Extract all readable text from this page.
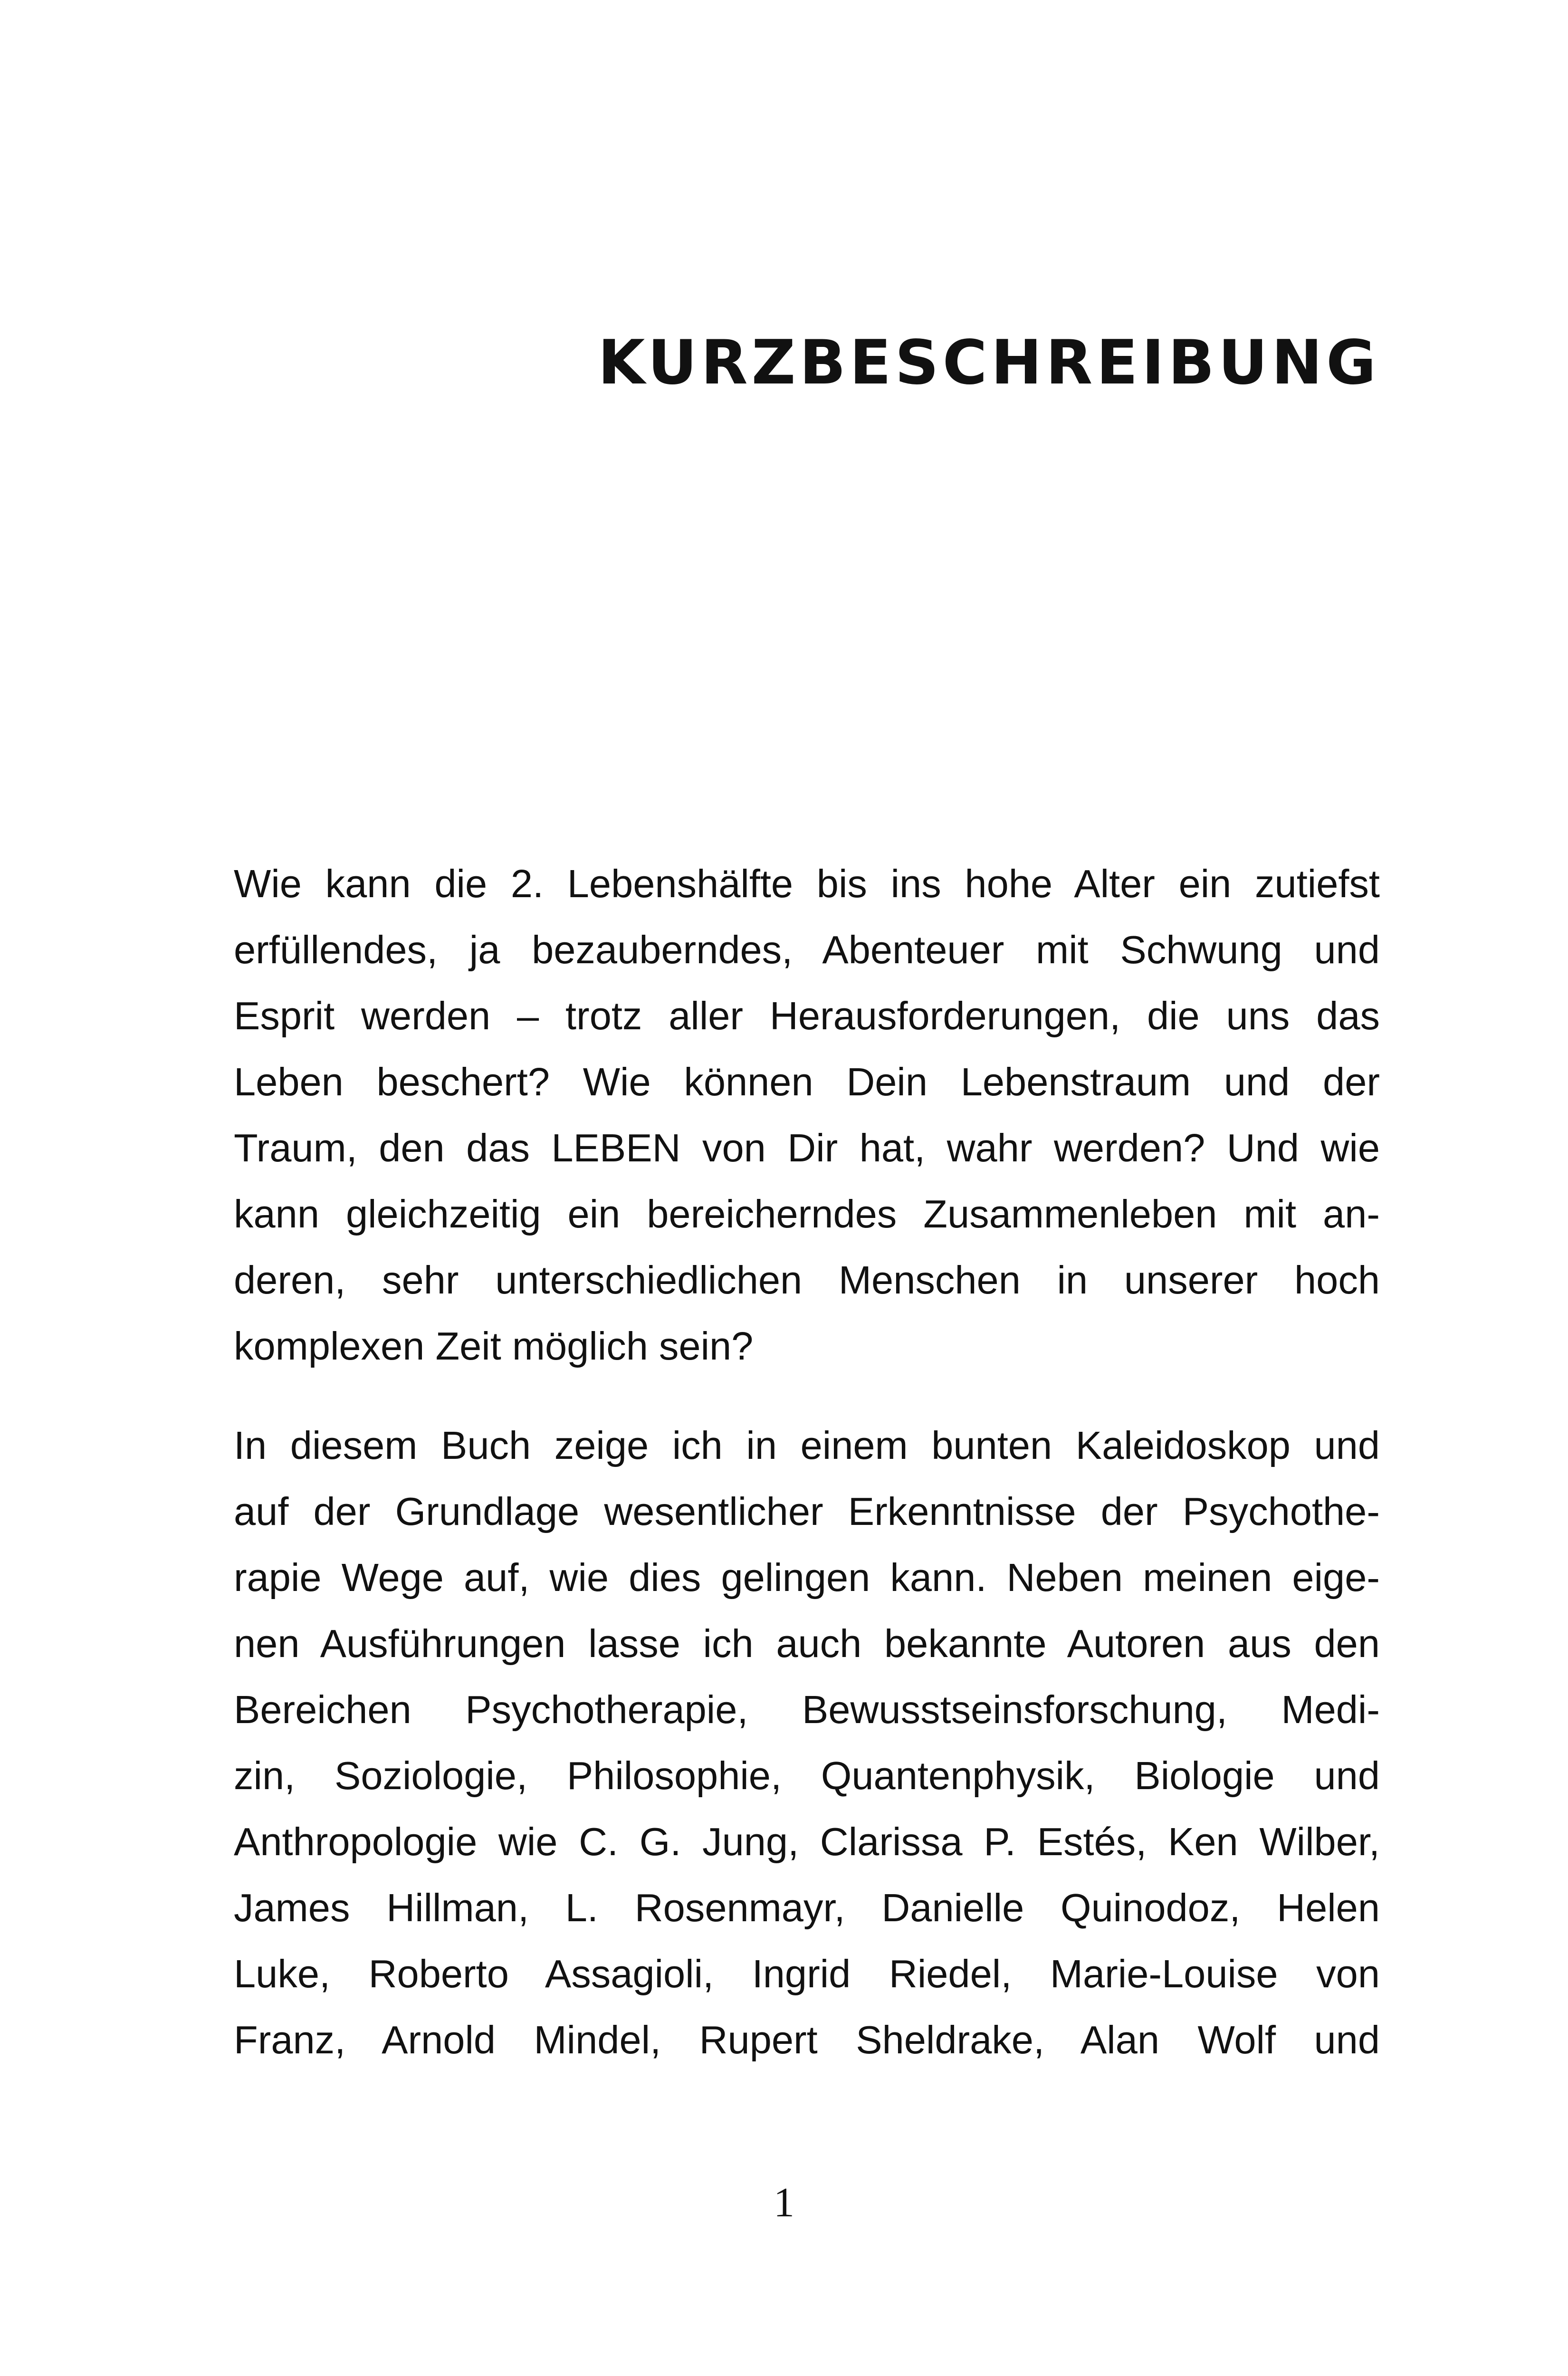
KURZBESCHREIBUNG

Wie kann die 2. Lebenshälfte bis ins hohe Alter ein zutiefst
erfüllendes, ja bezauberndes, Abenteuer mit Schwung und
Esprit werden – trotz aller Herausforderungen, die uns das
Leben beschert? Wie können Dein Lebenstraum und der
Traum, den das LEBEN von Dir hat, wahr werden? Und wie
kann gleichzeitig ein bereicherndes Zusammenleben mit an-
deren, sehr unterschiedlichen Menschen in unserer hoch
komplexen Zeit möglich sein?

In diesem Buch zeige ich in einem bunten Kaleidoskop und
auf der Grundlage wesentlicher Erkenntnisse der Psychothe-
rapie Wege auf, wie dies gelingen kann. Neben meinen eige-
nen Ausführungen lasse ich auch bekannte Autoren aus den
Bereichen Psychotherapie, Bewusstseinsforschung, Medi-
zin, Soziologie, Philosophie, Quantenphysik, Biologie und
Anthropologie wie C. G. Jung, Clarissa P. Estés, Ken Wilber,
James Hillman, L. Rosenmayr, Danielle Quinodoz, Helen
Luke, Roberto Assagioli, Ingrid Riedel, Marie-Louise von
Franz, Arnold Mindel, Rupert Sheldrake, Alan Wolf und

1
